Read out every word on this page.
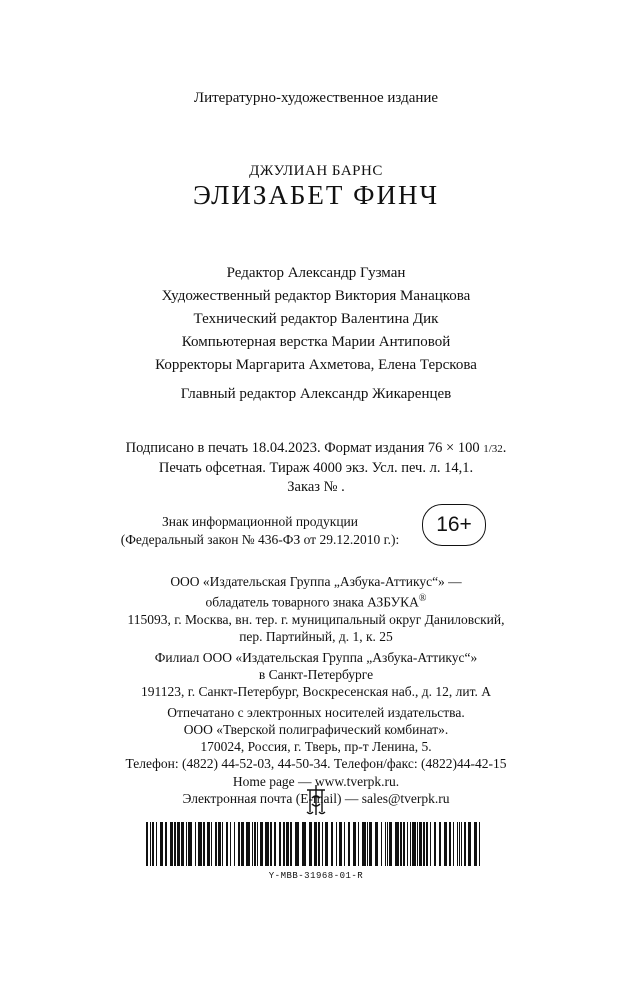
Литературно-художественное издание
ДЖУЛИАН БАРНС
ЭЛИЗАБЕТ ФИНЧ
Редактор Александр Гузман
Художественный редактор Виктория Манацкова
Технический редактор Валентина Дик
Компьютерная верстка Марии Антиповой
Корректоры Маргарита Ахметова, Елена Терскова
Главный редактор Александр Жикаренцев
Подписано в печать 18.04.2023. Формат издания 76 × 100 1/32.
Печать офсетная. Тираж 4000 экз. Усл. печ. л. 14,1.
Заказ № .
Знак информационной продукции
(Федеральный закон № 436-ФЗ от 29.12.2010 г.):
16+
ООО «Издательская Группа „Азбука-Аттикус“» —
обладатель товарного знака АЗБУКА®
115093, г. Москва, вн. тер. г. муниципальный округ Даниловский,
пер. Партийный, д. 1, к. 25
Филиал ООО «Издательская Группа „Азбука-Аттикус“»
в Санкт-Петербурге
191123, г. Санкт-Петербург, Воскресенская наб., д. 12, лит. А
Отпечатано с электронных носителей издательства.
ООО «Тверской полиграфический комбинат».
170024, Россия, г. Тверь, пр-т Ленина, 5.
Телефон: (4822) 44-52-03, 44-50-34. Телефон/факс: (4822)44-42-15
Home page — www.tverpk.ru.
Электронная почта (E-mail) — sales@tverpk.ru
Y-MBB-31968-01-R
